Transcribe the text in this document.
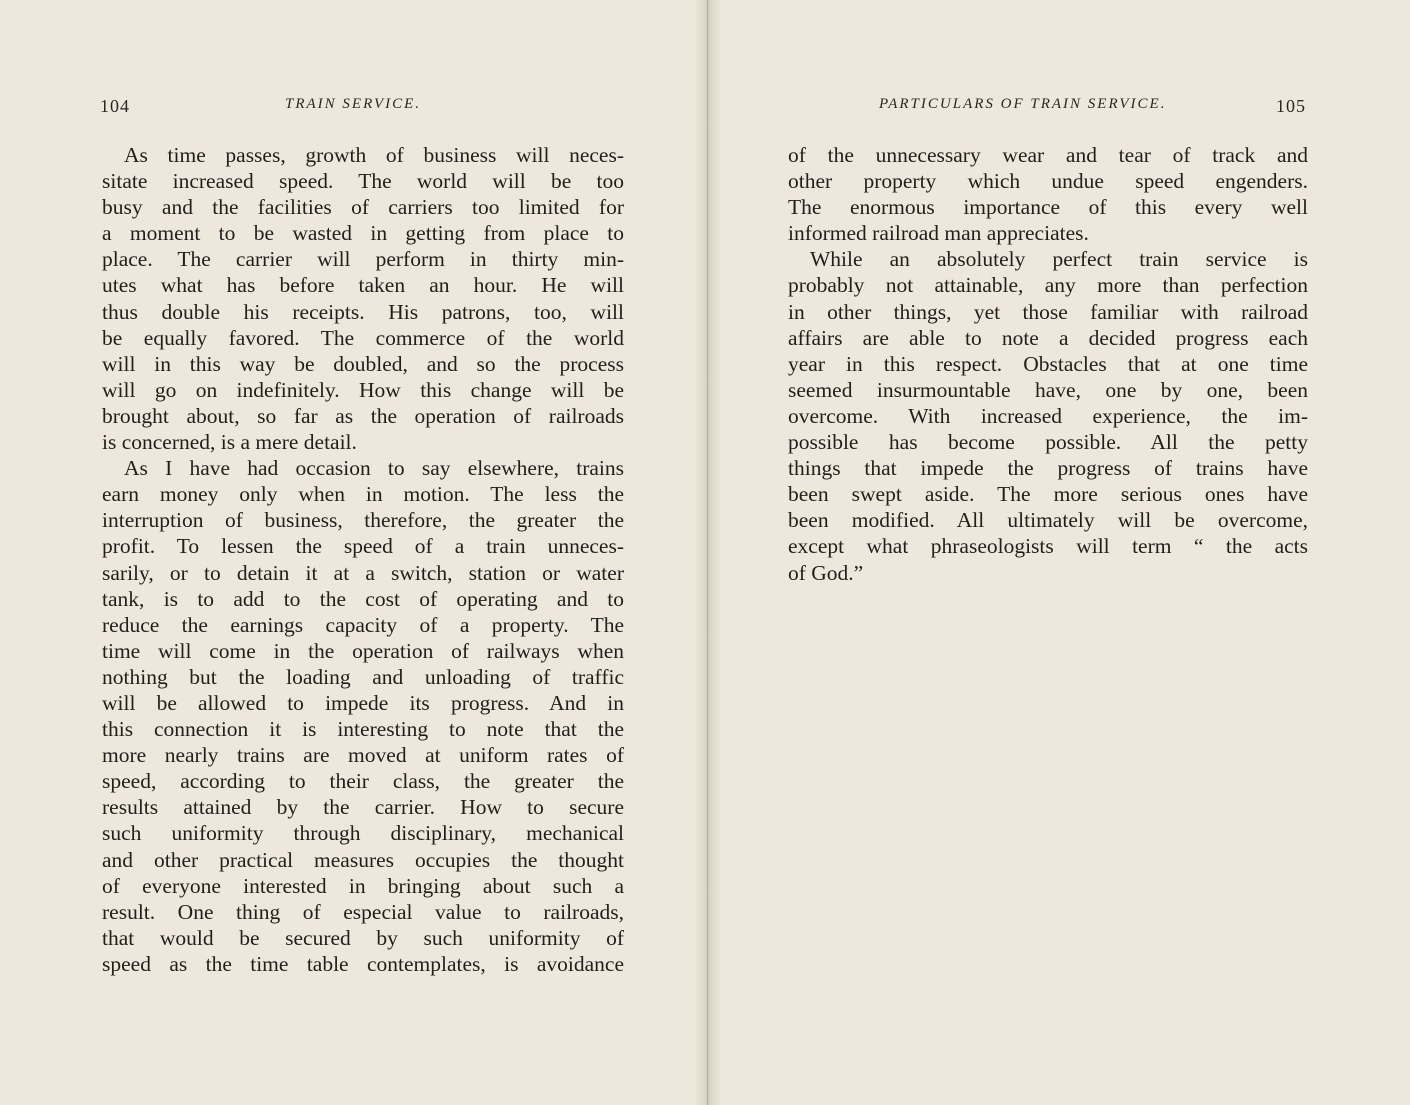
104	TRAIN SERVICE.
As time passes, growth of business will neces-
sitate increased speed. The world will be too
busy and the facilities of carriers too limited for
a moment to be wasted in getting from place to
place. The carrier will perform in thirty min-
utes what has before taken an hour. He will
thus double his receipts. His patrons, too, will
be equally favored. The commerce of the world
will in this way be doubled, and so the process
will go on indefinitely. How this change will be
brought about, so far as the operation of railroads
is concerned, is a mere detail.
As I have had occasion to say elsewhere, trains
earn money only when in motion. The less the
interruption of business, therefore, the greater the
profit. To lessen the speed of a train unneces-
sarily, or to detain it at a switch, station or water
tank, is to add to the cost of operating and to
reduce the earnings capacity of a property. The
time will come in the operation of railways when
nothing but the loading and unloading of traffic
will be allowed to impede its progress. And in
this connection it is interesting to note that the
more nearly trains are moved at uniform rates of
speed, according to their class, the greater the
results attained by the carrier. How to secure
such uniformity through disciplinary, mechanical
and other practical measures occupies the thought
of everyone interested in bringing about such a
result. One thing of especial value to railroads,
that would be secured by such uniformity of
speed as the time table contemplates, is avoidance
PARTICULARS OF TRAIN SERVICE.	105
of the unnecessary wear and tear of track and
other property which undue speed engenders.
The enormous importance of this every well
informed railroad man appreciates.
While an absolutely perfect train service is
probably not attainable, any more than perfection
in other things, yet those familiar with railroad
affairs are able to note a decided progress each
year in this respect. Obstacles that at one time
seemed insurmountable have, one by one, been
overcome. With increased experience, the im-
possible has become possible. All the petty
things that impede the progress of trains have
been swept aside. The more serious ones have
been modified. All ultimately will be overcome,
except what phraseologists will term “ the acts
of God.”
